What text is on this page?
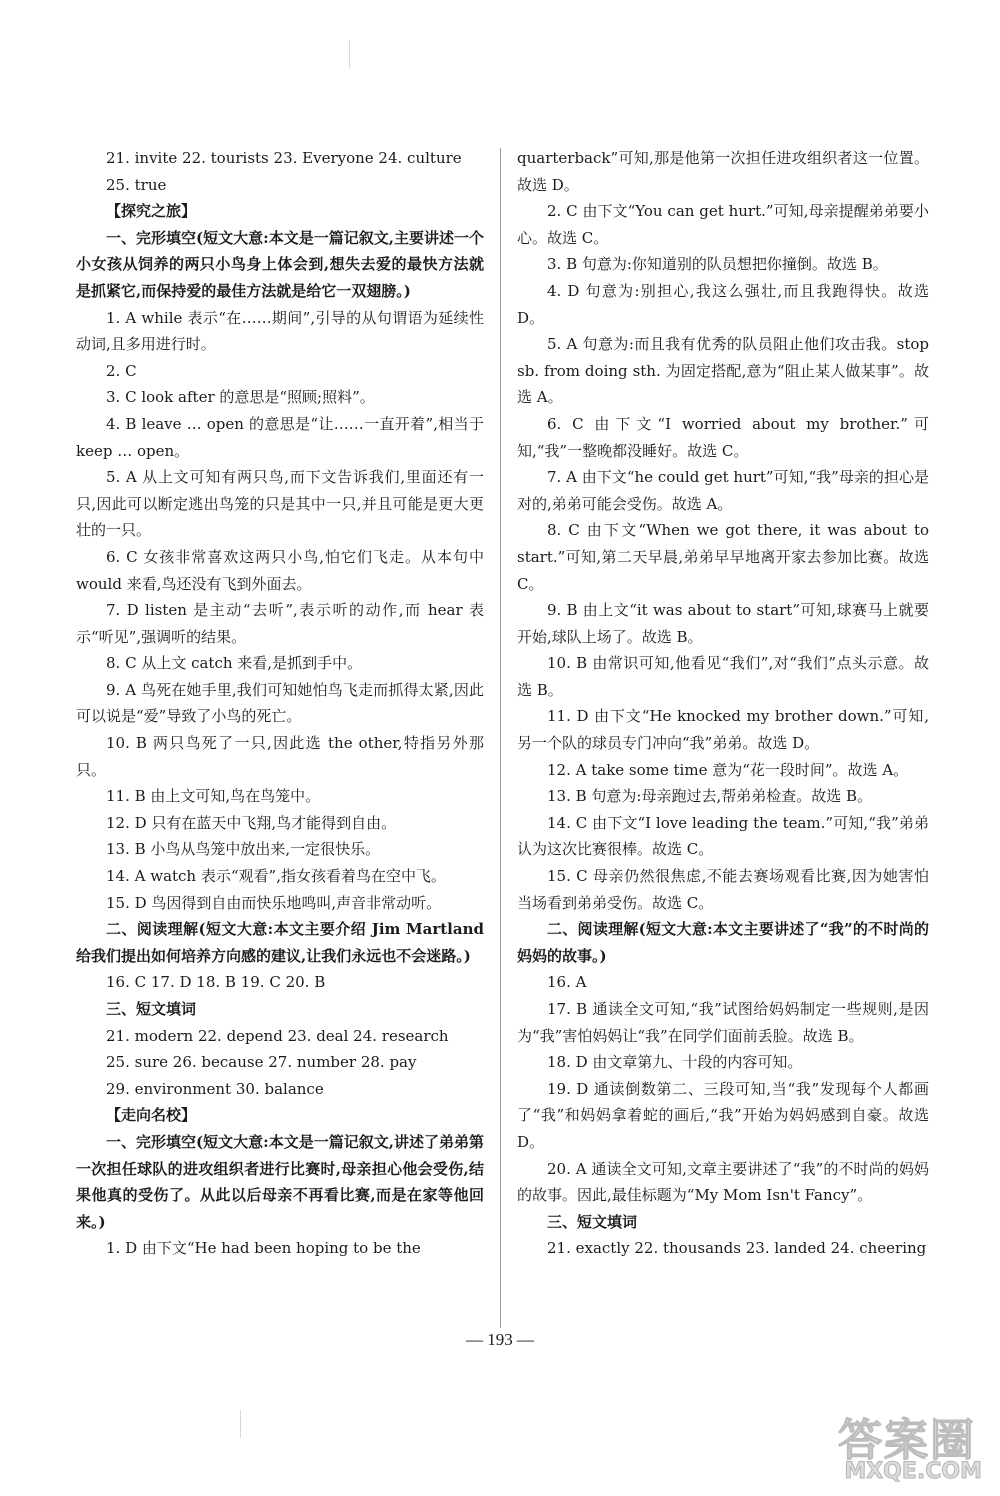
21. invite 22. tourists 23. Everyone 24. culture

25. true

【探究之旅】

一、完形填空(短文大意:本文是一篇记叙文,主要讲述一个小女孩从饲养的两只小鸟身上体会到,想失去爱的最快方法就是抓紧它,而保持爱的最佳方法就是给它一双翅膀。)

1. A while 表示“在……期间”,引导的从句谓语为延续性动词,且多用进行时。

2. C

3. C look after 的意思是“照顾;照料”。

4. B leave … open 的意思是“让……一直开着”,相当于 keep … open。

5. A 从上文可知有两只鸟,而下文告诉我们,里面还有一只,因此可以断定逃出鸟笼的只是其中一只,并且可能是更大更壮的一只。

6. C 女孩非常喜欢这两只小鸟,怕它们飞走。从本句中 would 来看,鸟还没有飞到外面去。

7. D listen 是主动“去听”,表示听的动作,而 hear 表示“听见”,强调听的结果。

8. C 从上文 catch 来看,是抓到手中。

9. A 鸟死在她手里,我们可知她怕鸟飞走而抓得太紧,因此可以说是“爱”导致了小鸟的死亡。

10. B 两只鸟死了一只,因此选 the other,特指另外那只。

11. B 由上文可知,鸟在鸟笼中。

12. D 只有在蓝天中飞翔,鸟才能得到自由。

13. B 小鸟从鸟笼中放出来,一定很快乐。

14. A watch 表示“观看”,指女孩看着鸟在空中飞。

15. D 鸟因得到自由而快乐地鸣叫,声音非常动听。

二、阅读理解(短文大意:本文主要介绍 Jim Martland 给我们提出如何培养方向感的建议,让我们永远也不会迷路。)

16. C 17. D 18. B 19. C 20. B

三、短文填词

21. modern 22. depend 23. deal 24. research

25. sure 26. because 27. number 28. pay

29. environment 30. balance

【走向名校】

一、完形填空(短文大意:本文是一篇记叙文,讲述了弟弟第一次担任球队的进攻组织者进行比赛时,母亲担心他会受伤,结果他真的受伤了。从此以后母亲不再看比赛,而是在家等他回来。)

1. D 由下文“He had been hoping to be the

quarterback”可知,那是他第一次担任进攻组织者这一位置。故选 D。

2. C 由下文“You can get hurt.”可知,母亲提醒弟弟要小心。故选 C。

3. B 句意为:你知道别的队员想把你撞倒。故选 B。

4. D 句意为:别担心,我这么强壮,而且我跑得快。故选 D。

5. A 句意为:而且我有优秀的队员阻止他们攻击我。stop sb. from doing sth. 为固定搭配,意为“阻止某人做某事”。故选 A。

6. C 由下文“I worried about my brother.”可知,“我”一整晚都没睡好。故选 C。

7. A 由下文“he could get hurt”可知,“我”母亲的担心是对的,弟弟可能会受伤。故选 A。

8. C 由下文“When we got there, it was about to start.”可知,第二天早晨,弟弟早早地离开家去参加比赛。故选 C。

9. B 由上文“it was about to start”可知,球赛马上就要开始,球队上场了。故选 B。

10. B 由常识可知,他看见“我们”,对“我们”点头示意。故选 B。

11. D 由下文“He knocked my brother down.”可知,另一个队的球员专门冲向“我”弟弟。故选 D。

12. A take some time 意为“花一段时间”。故选 A。

13. B 句意为:母亲跑过去,帮弟弟检查。故选 B。

14. C 由下文“I love leading the team.”可知,“我”弟弟认为这次比赛很棒。故选 C。

15. C 母亲仍然很焦虑,不能去赛场观看比赛,因为她害怕当场看到弟弟受伤。故选 C。

二、阅读理解(短文大意:本文主要讲述了“我”的不时尚的妈妈的故事。)

16. A

17. B 通读全文可知,“我”试图给妈妈制定一些规则,是因为“我”害怕妈妈让“我”在同学们面前丢脸。故选 B。

18. D 由文章第九、十段的内容可知。

19. D 通读倒数第二、三段可知,当“我”发现每个人都画了“我”和妈妈拿着蛇的画后,“我”开始为妈妈感到自豪。故选 D。

20. A 通读全文可知,文章主要讲述了“我”的不时尚的妈妈的故事。因此,最佳标题为“My Mom Isn't Fancy”。

三、短文填词

21. exactly 22. thousands 23. landed 24. cheering

— 193 —
答案圈
MXQE.COM
